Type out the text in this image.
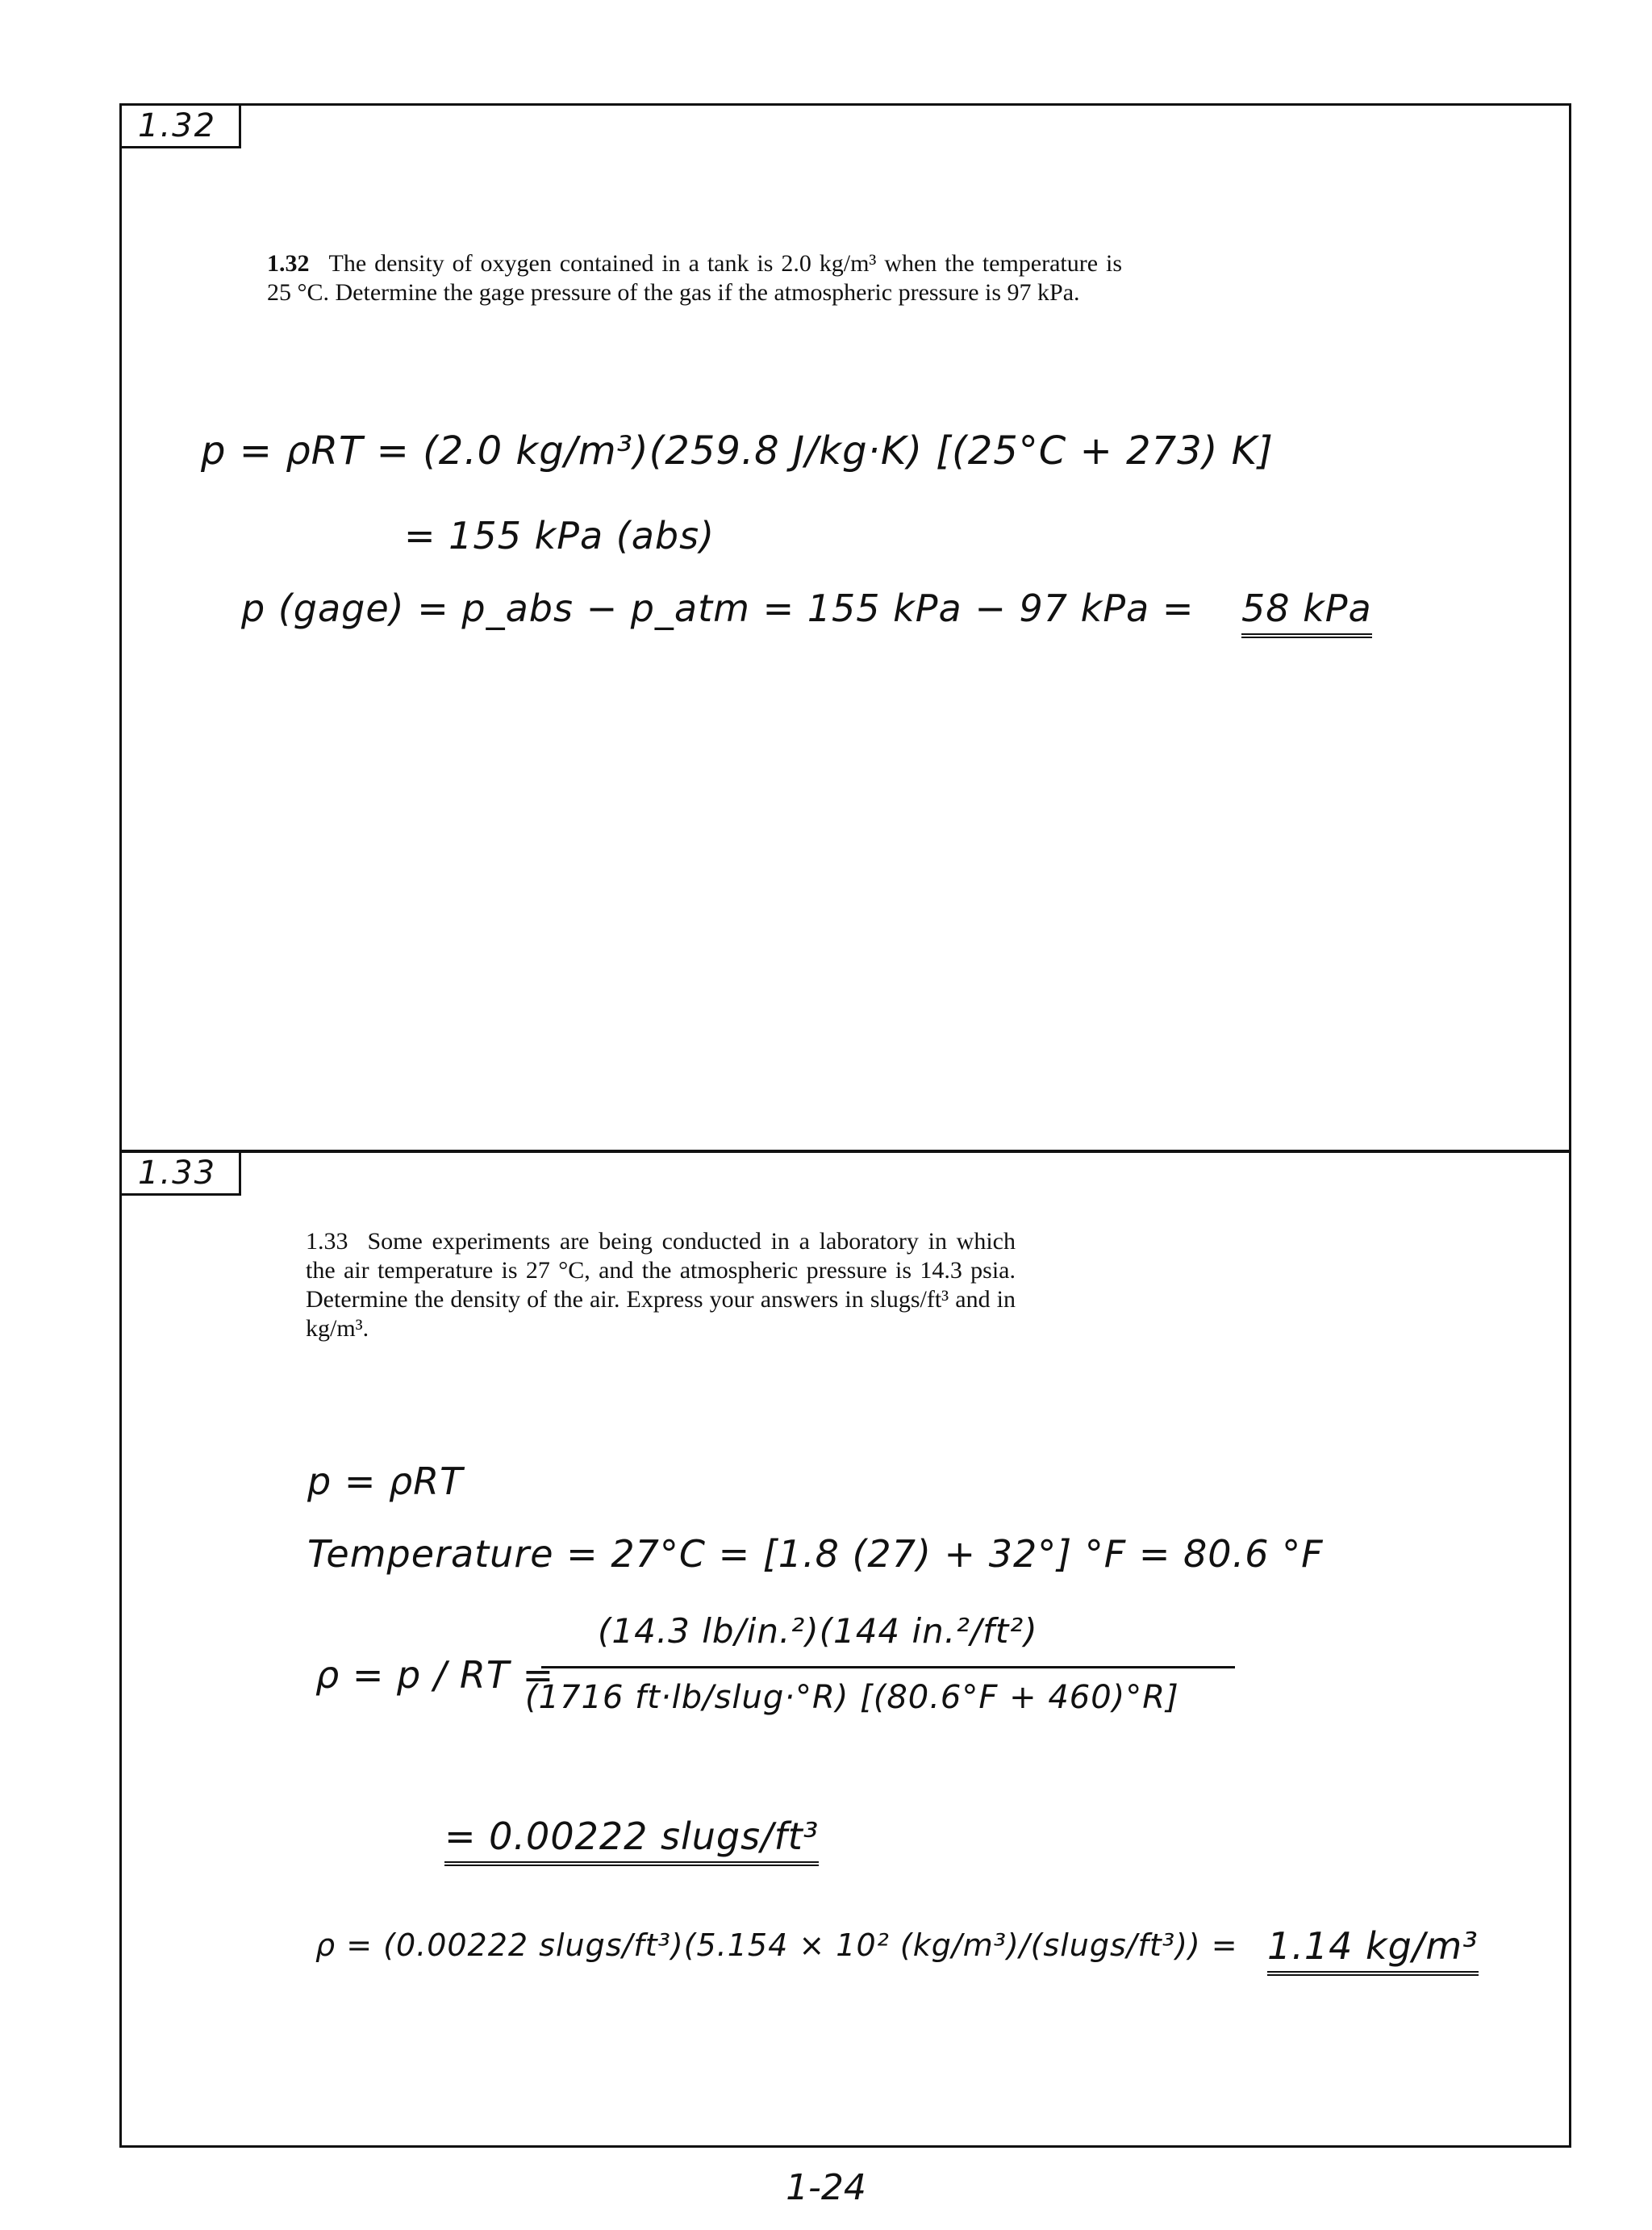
1.32
1.32 The density of oxygen contained in a tank is 2.0 kg/m³ when the temperature is 25 °C. Determine the gage pressure of the gas if the atmospheric pressure is 97 kPa.
p = ρRT = (2.0 kg/m³)(259.8 J/kg·K) [(25°C + 273) K]
= 155 kPa (abs)
p (gage) = p_abs − p_atm = 155 kPa − 97 kPa = 58 kPa
1.33
1.33 Some experiments are being conducted in a laboratory in which the air temperature is 27 °C, and the atmospheric pressure is 14.3 psia. Determine the density of the air. Express your answers in slugs/ft³ and in kg/m³.
p = ρRT
Temperature = 27°C = [1.8 (27) + 32°] °F = 80.6 °F
ρ = p / RT =
(14.3 lb/in.²)(144 in.²/ft²)
(1716 ft·lb/slug·°R) [(80.6°F + 460)°R]
= 0.00222 slugs/ft³
ρ = (0.00222 slugs/ft³)(5.154 × 10² (kg/m³)/(slugs/ft³)) = 1.14 kg/m³
1-24
